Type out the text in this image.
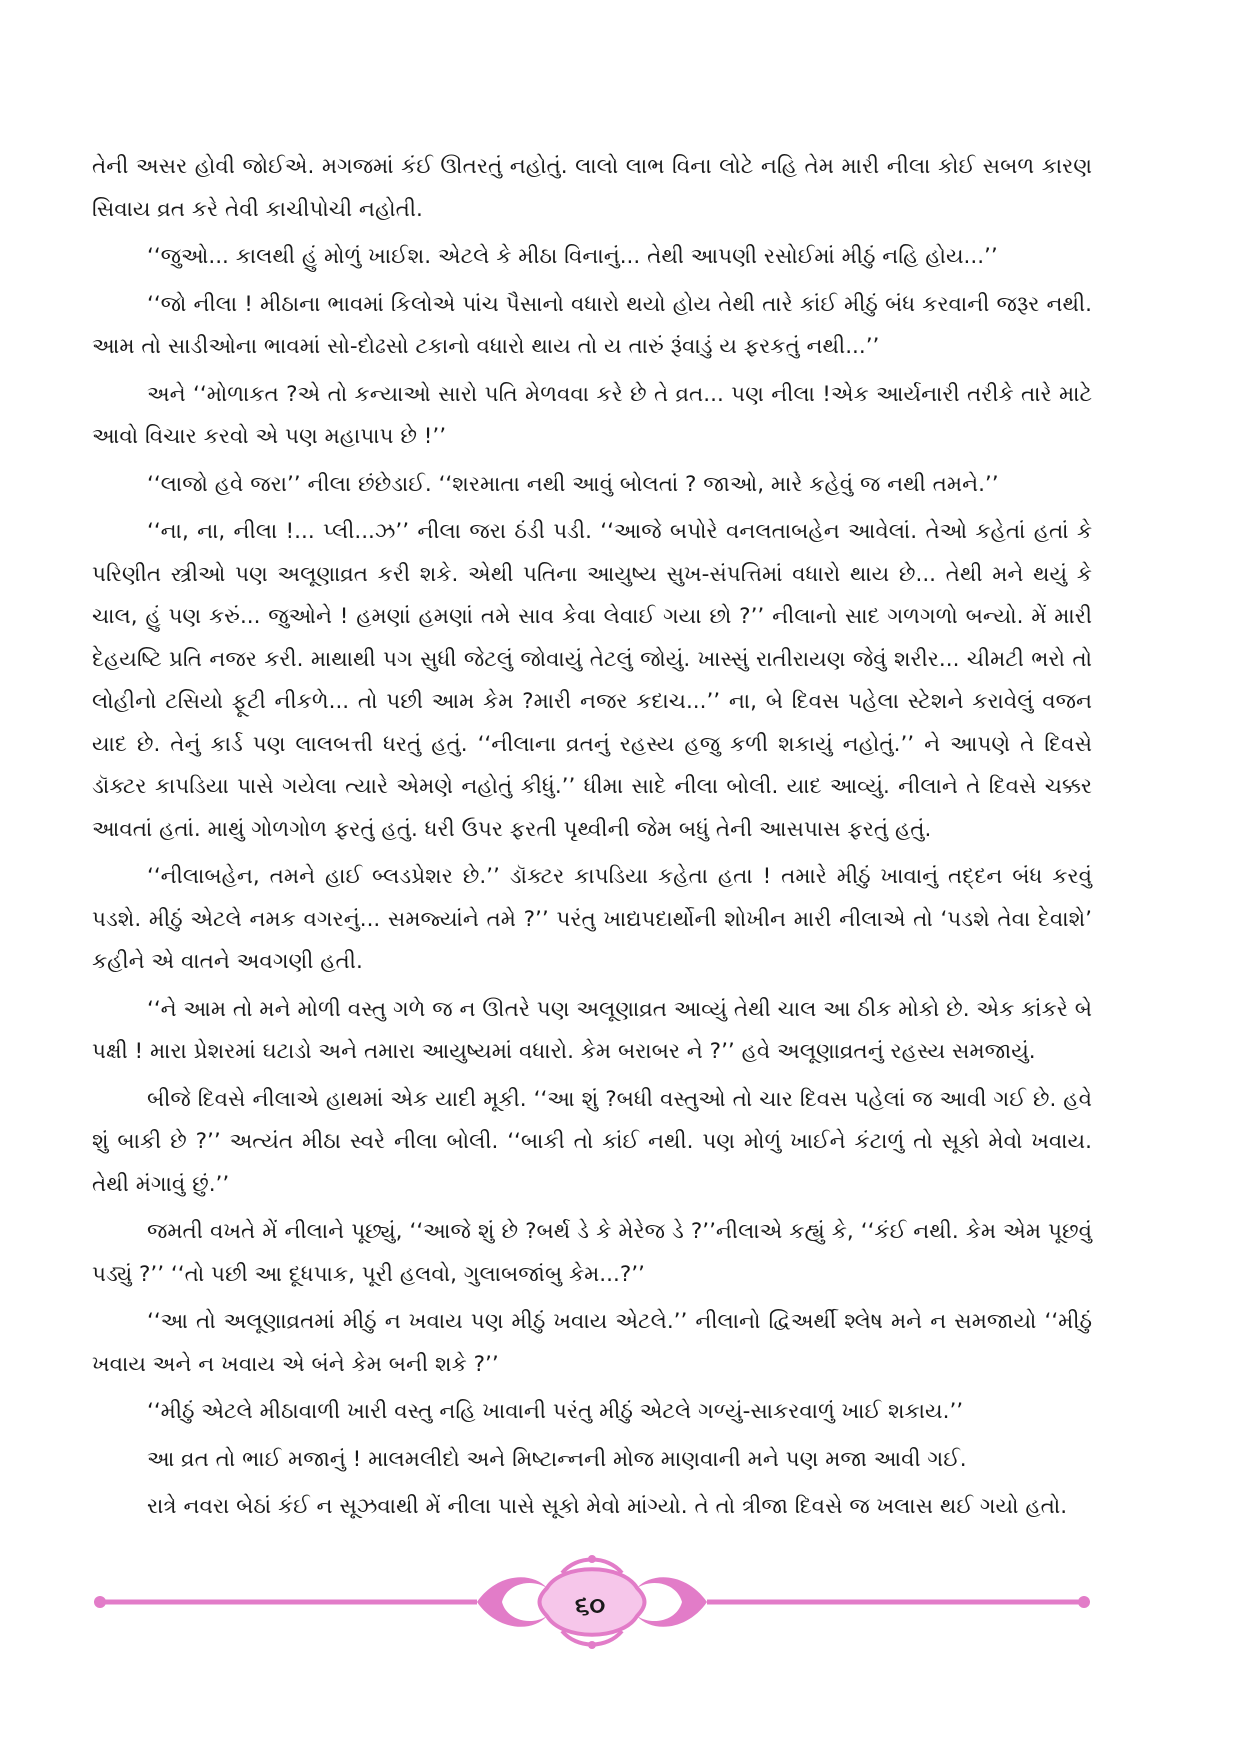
તેની અસર હોવી જોઈએ. મગજમાં કંઈ ઊતરતું નહોતું. લાલો લાભ વિના લોટે નહિ તેમ મારી નીલા કોઈ સબળ કારણ સિવાય વ્રત કરે તેવી કાચીપોચી નહોતી.

‘‘જુઓ... કાલથી હું મોળું ખાઈશ. એટલે કે મીઠા વિનાનું... તેથી આપણી રસોઈમાં મીઠું નહિ હોય...’’

‘‘જો નીલા ! મીઠાના ભાવમાં કિલોએ પાંચ પૈસાનો વધારો થયો હોય તેથી તારે કાંઈ મીઠું બંધ કરવાની જરૂર નથી. આમ તો સાડીઓના ભાવમાં સો-દોઢસો ટકાનો વધારો થાય તો ય તારું રૂંવાડું ય ફરકતું નથી...’’

અને ‘‘મોળાકત ?એ તો કન્યાઓ સારો પતિ મેળવવા કરે છે તે વ્રત... પણ નીલા !એક આર્યનારી તરીકે તારે માટે આવો વિચાર કરવો એ પણ મહાપાપ છે !’’

‘‘લાજો હવે જરા’’ નીલા છંછેડાઈ. ‘‘શરમાતા નથી આવું બોલતાં ? જાઓ, મારે કહેવું જ નથી તમને.’’

‘‘ના, ના, નીલા !... પ્લી...ઝ’’ નીલા જરા ઠંડી પડી. ‘‘આજે બપોરે વનલતાબહેન આવેલાં. તેઓ કહેતાં હતાં કે પરિણીત સ્ત્રીઓ પણ અલૂણાવ્રત કરી શકે. એથી પતિના આયુષ્ય સુખ-સંપત્તિમાં વધારો થાય છે... તેથી મને થયું કે ચાલ, હું પણ કરું... જુઓને ! હમણાં હમણાં તમે સાવ કેવા લેવાઈ ગયા છો ?’’ નીલાનો સાદ ગળગળો બન્યો. મેં મારી દેહયષ્ટિ પ્રતિ નજર કરી. માથાથી પગ સુધી જેટલું જોવાયું તેટલું જોયું. ખાસ્સું રાતીરાયણ જેવું શરીર... ચીમટી ભરો તો લોહીનો ટસિયો ફૂટી નીકળે... તો પછી આમ કેમ ?મારી નજર કદાચ...’’ ના, બે દિવસ પહેલા સ્ટેશને કરાવેલું વજન યાદ છે. તેનું કાર્ડ પણ લાલબત્તી ધરતું હતું. ‘‘નીલાના વ્રતનું રહસ્ય હજુ કળી શકાયું નહોતું.’’ ને આપણે તે દિવસે ડૉક્ટર કાપડિયા પાસે ગયેલા ત્યારે એમણે નહોતું કીધું.’’ ધીમા સાદે નીલા બોલી. યાદ આવ્યું. નીલાને તે દિવસે ચક્કર આવતાં હતાં. માથું ગોળગોળ ફરતું હતું. ધરી ઉપર ફરતી પૃથ્વીની જેમ બધું તેની આસપાસ ફરતું હતું.

‘‘નીલાબહેન, તમને હાઈ બ્લડપ્રેશર છે.’’ ડૉક્ટર કાપડિયા કહેતા હતા ! તમારે મીઠું ખાવાનું તદ્દન બંધ કરવું પડશે. મીઠું એટલે નમક વગરનું... સમજ્યાંને તમે ?’’ પરંતુ ખાદ્યપદાર્થોની શોખીન મારી નીલાએ તો ‘પડશે તેવા દેવાશે’ કહીને એ વાતને અવગણી હતી.

‘‘ને આમ તો મને મોળી વસ્તુ ગળે જ ન ઊતરે પણ અલૂણાવ્રત આવ્યું તેથી ચાલ આ ઠીક મોકો છે. એક કાંકરે બે પક્ષી ! મારા પ્રેશરમાં ઘટાડો અને તમારા આયુષ્યમાં વધારો. કેમ બરાબર ને ?’’ હવે અલૂણાવ્રતનું રહસ્ય સમજાયું.

બીજે દિવસે નીલાએ હાથમાં એક યાદી મૂકી. ‘‘આ શું ?બધી વસ્તુઓ તો ચાર દિવસ પહેલાં જ આવી ગઈ છે. હવે શું બાકી છે ?’’ અત્યંત મીઠા સ્વરે નીલા બોલી. ‘‘બાકી તો કાંઈ નથી. પણ મોળું ખાઈને કંટાળું તો સૂકો મેવો ખવાય. તેથી મંગાવું છું.’’

જમતી વખતે મેં નીલાને પૂછ્યું, ‘‘આજે શું છે ?બર્થ ડે કે મેરેજ ડે ?’’નીલાએ કહ્યું કે, ‘‘કંઈ નથી. કેમ એમ પૂછવું પડ્યું ?’’ ‘‘તો પછી આ દૂધપાક, પૂરી હલવો, ગુલાબજાંબુ કેમ...?’’

‘‘આ તો અલૂણાવ્રતમાં મીઠું ન ખવાય પણ મીઠું ખવાય એટલે.’’ નીલાનો દ્વિઅર્થી શ્લેષ મને ન સમજાયો ‘‘મીઠું ખવાય અને ન ખવાય એ બંને કેમ બની શકે ?’’

‘‘મીઠું એટલે મીઠાવાળી ખારી વસ્તુ નહિ ખાવાની પરંતુ મીઠું એટલે ગળ્યું-સાકરવાળું ખાઈ શકાય.’’

આ વ્રત તો ભાઈ મજાનું ! માલમલીદો અને મિષ્ટાન્નની મોજ માણવાની મને પણ મજા આવી ગઈ.

રાત્રે નવરા બેઠાં કંઈ ન સૂઝવાથી મેં નીલા પાસે સૂકો મેવો માંગ્યો. તે તો ત્રીજા દિવસે જ ખલાસ થઈ ગયો હતો.

૬૦
